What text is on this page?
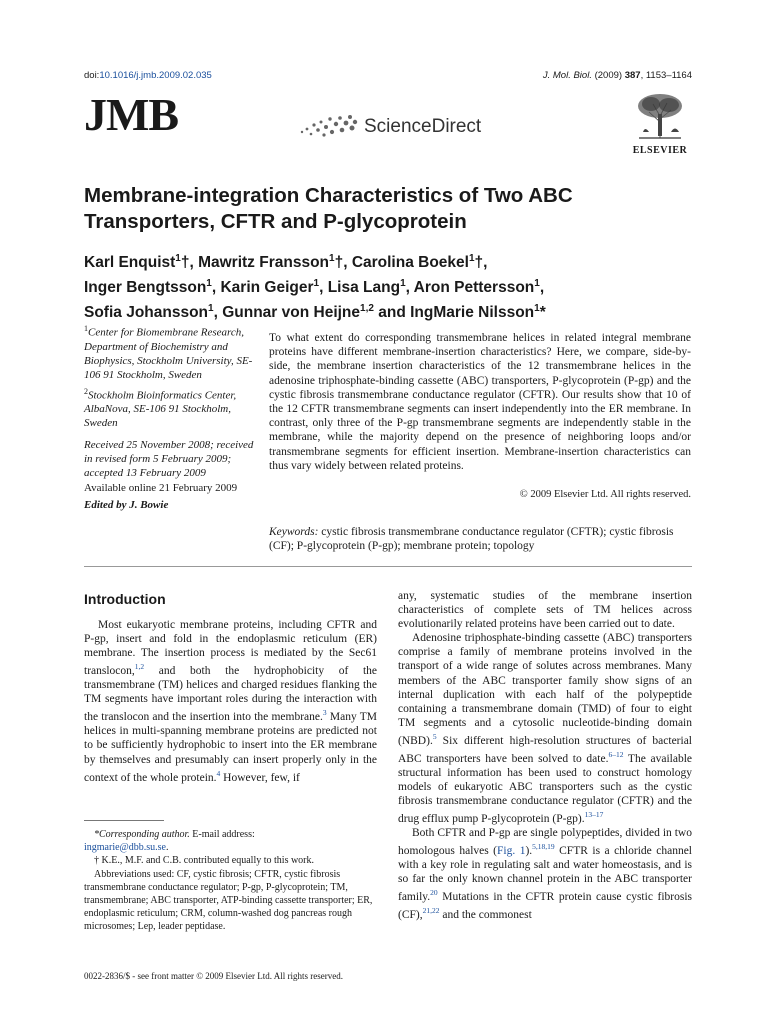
doi:10.1016/j.jmb.2009.02.035	J. Mol. Biol. (2009) 387, 1153–1164
JMB	ScienceDirect
ELSEVIER
Membrane-integration Characteristics of Two ABC
Transporters, CFTR and P-glycoprotein
Karl Enquist$^1$†, Mawritz Fransson$^1$†, Carolina Boekel$^1$†,
Inger Bengtsson$^1$, Karin Geiger$^1$, Lisa Lang$^1$, Aron Pettersson$^1$,
Sofia Johansson$^1$, Gunnar von Heijne$^{1,2}$ and IngMarie Nilsson$^1$*

$^1$Center for Biomembrane Research, Department of Biochemistry and Biophysics, Stockholm University, SE-106 91 Stockholm, Sweden

$^2$Stockholm Bioinformatics Center, AlbaNova, SE-106 91 Stockholm, Sweden

Received 25 November 2008; received in revised form 5 February 2009; accepted 13 February 2009

Available online 21 February 2009

Edited by J. Bowie

To what extent do corresponding transmembrane helices in related integral membrane proteins have different membrane-insertion characteristics? Here, we compare, side-by-side, the membrane insertion characteristics of the 12 transmembrane helices in the adenosine triphosphate-binding cassette (ABC) transporters, P-glycoprotein (P-gp) and the cystic fibrosis transmembrane conductance regulator (CFTR). Our results show that 10 of the 12 CFTR transmembrane segments can insert independently into the ER membrane. In contrast, only three of the P-gp transmembrane segments are independently stable in the membrane, while the majority depend on the presence of neighboring loops and/or transmembrane segments for efficient insertion. Membrane-insertion characteristics can thus vary widely between related proteins.
© 2009 Elsevier Ltd. All rights reserved.
Keywords: cystic fibrosis transmembrane conductance regulator (CFTR); cystic fibrosis (CF); P-glycoprotein (P-gp); membrane protein; topology
Introduction

Most eukaryotic membrane proteins, including CFTR and P-gp, insert and fold in the endoplasmic reticulum (ER) membrane. The insertion process is mediated by the Sec61 translocon,$^{1,2}$ and both the hydrophobicity of the transmembrane (TM) helices and charged residues flanking the TM segments have important roles during the interaction with the translocon and the insertion into the membrane.$^3$ Many TM helices in multi-spanning membrane proteins are predicted not to be sufficiently hydrophobic to insert into the ER membrane by themselves and presumably can insert properly only in the context of the whole protein.$^4$ However, few, if

any, systematic studies of the membrane insertion characteristics of complete sets of TM helices across evolutionarily related proteins have been carried out to date.

Adenosine triphosphate-binding cassette (ABC) transporters comprise a family of membrane proteins involved in the transport of a wide range of solutes across membranes. Many members of the ABC transporter family show signs of an internal duplication with each half of the polypeptide containing a transmembrane domain (TMD) of four to eight TM segments and a cytosolic nucleotide-binding domain (NBD).$^5$ Six different high-resolution structures of bacterial ABC transporters have been solved to date.$^{6-12}$ The available structural information has been used to construct homology models of eukaryotic ABC transporters such as the cystic fibrosis transmembrane conductance regulator (CFTR) and the drug efflux pump P-glycoprotein (P-gp).$^{13-17}$

Both CFTR and P-gp are single polypeptides, divided in two homologous halves (Fig. 1).$^{5,18,19}$ CFTR is a chloride channel with a key role in regulating salt and water homeostasis, and is so far the only known channel protein in the ABC transporter family.$^{20}$ Mutations in the CFTR protein cause cystic fibrosis (CF),$^{21,22}$ and the commonest

*Corresponding author. E-mail address:
ingmarie@dbb.su.se.

† K.E., M.F. and C.B. contributed equally to this work.

Abbreviations used: CF, cystic fibrosis; CFTR, cystic fibrosis transmembrane conductance regulator; P-gp, P-glycoprotein; TM, transmembrane; ABC transporter, ATP-binding cassette transporter; ER, endoplasmic reticulum; CRM, column-washed dog pancreas rough microsomes; Lep, leader peptidase.

0022-2836/$ - see front matter © 2009 Elsevier Ltd. All rights reserved.
